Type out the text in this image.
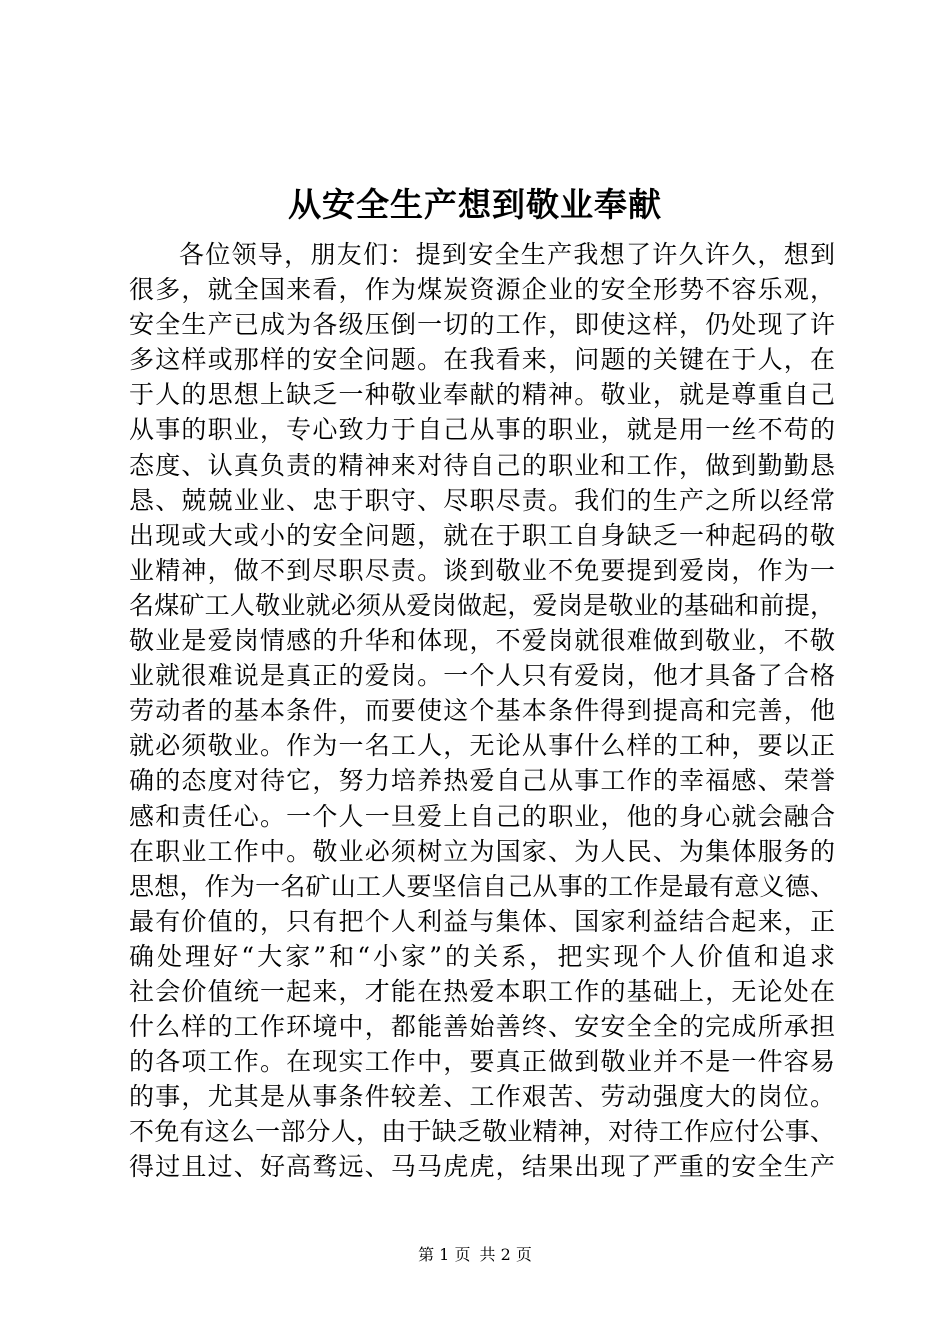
从安全生产想到敬业奉献
各位领导，朋友们：提到安全生产我想了许久许久，想到
很多，就全国来看，作为煤炭资源企业的安全形势不容乐观，
安全生产已成为各级压倒一切的工作，即使这样，仍处现了许
多这样或那样的安全问题。在我看来，问题的关键在于人，在
于人的思想上缺乏一种敬业奉献的精神。敬业，就是尊重自己
从事的职业，专心致力于自己从事的职业，就是用一丝不苟的
态度、认真负责的精神来对待自己的职业和工作，做到勤勤恳
恳、兢兢业业、忠于职守、尽职尽责。我们的生产之所以经常
出现或大或小的安全问题，就在于职工自身缺乏一种起码的敬
业精神，做不到尽职尽责。谈到敬业不免要提到爱岗，作为一
名煤矿工人敬业就必须从爱岗做起，爱岗是敬业的基础和前提，
敬业是爱岗情感的升华和体现，不爱岗就很难做到敬业，不敬
业就很难说是真正的爱岗。一个人只有爱岗，他才具备了合格
劳动者的基本条件，而要使这个基本条件得到提高和完善，他
就必须敬业。作为一名工人，无论从事什么样的工种，要以正
确的态度对待它，努力培养热爱自己从事工作的幸福感、荣誉
感和责任心。一个人一旦爱上自己的职业，他的身心就会融合
在职业工作中。敬业必须树立为国家、为人民、为集体服务的
思想，作为一名矿山工人要坚信自己从事的工作是最有意义德、
最有价值的，只有把个人利益与集体、国家利益结合起来，正
确处理好“大家”和“小家”的关系，把实现个人价值和追求
社会价值统一起来，才能在热爱本职工作的基础上，无论处在
什么样的工作环境中，都能善始善终、安安全全的完成所承担
的各项工作。在现实工作中，要真正做到敬业并不是一件容易
的事，尤其是从事条件较差、工作艰苦、劳动强度大的岗位。
不免有这么一部分人，由于缺乏敬业精神，对待工作应付公事、
得过且过、好高骛远、马马虎虎，结果出现了严重的安全生产
第 1 页 共 2 页
